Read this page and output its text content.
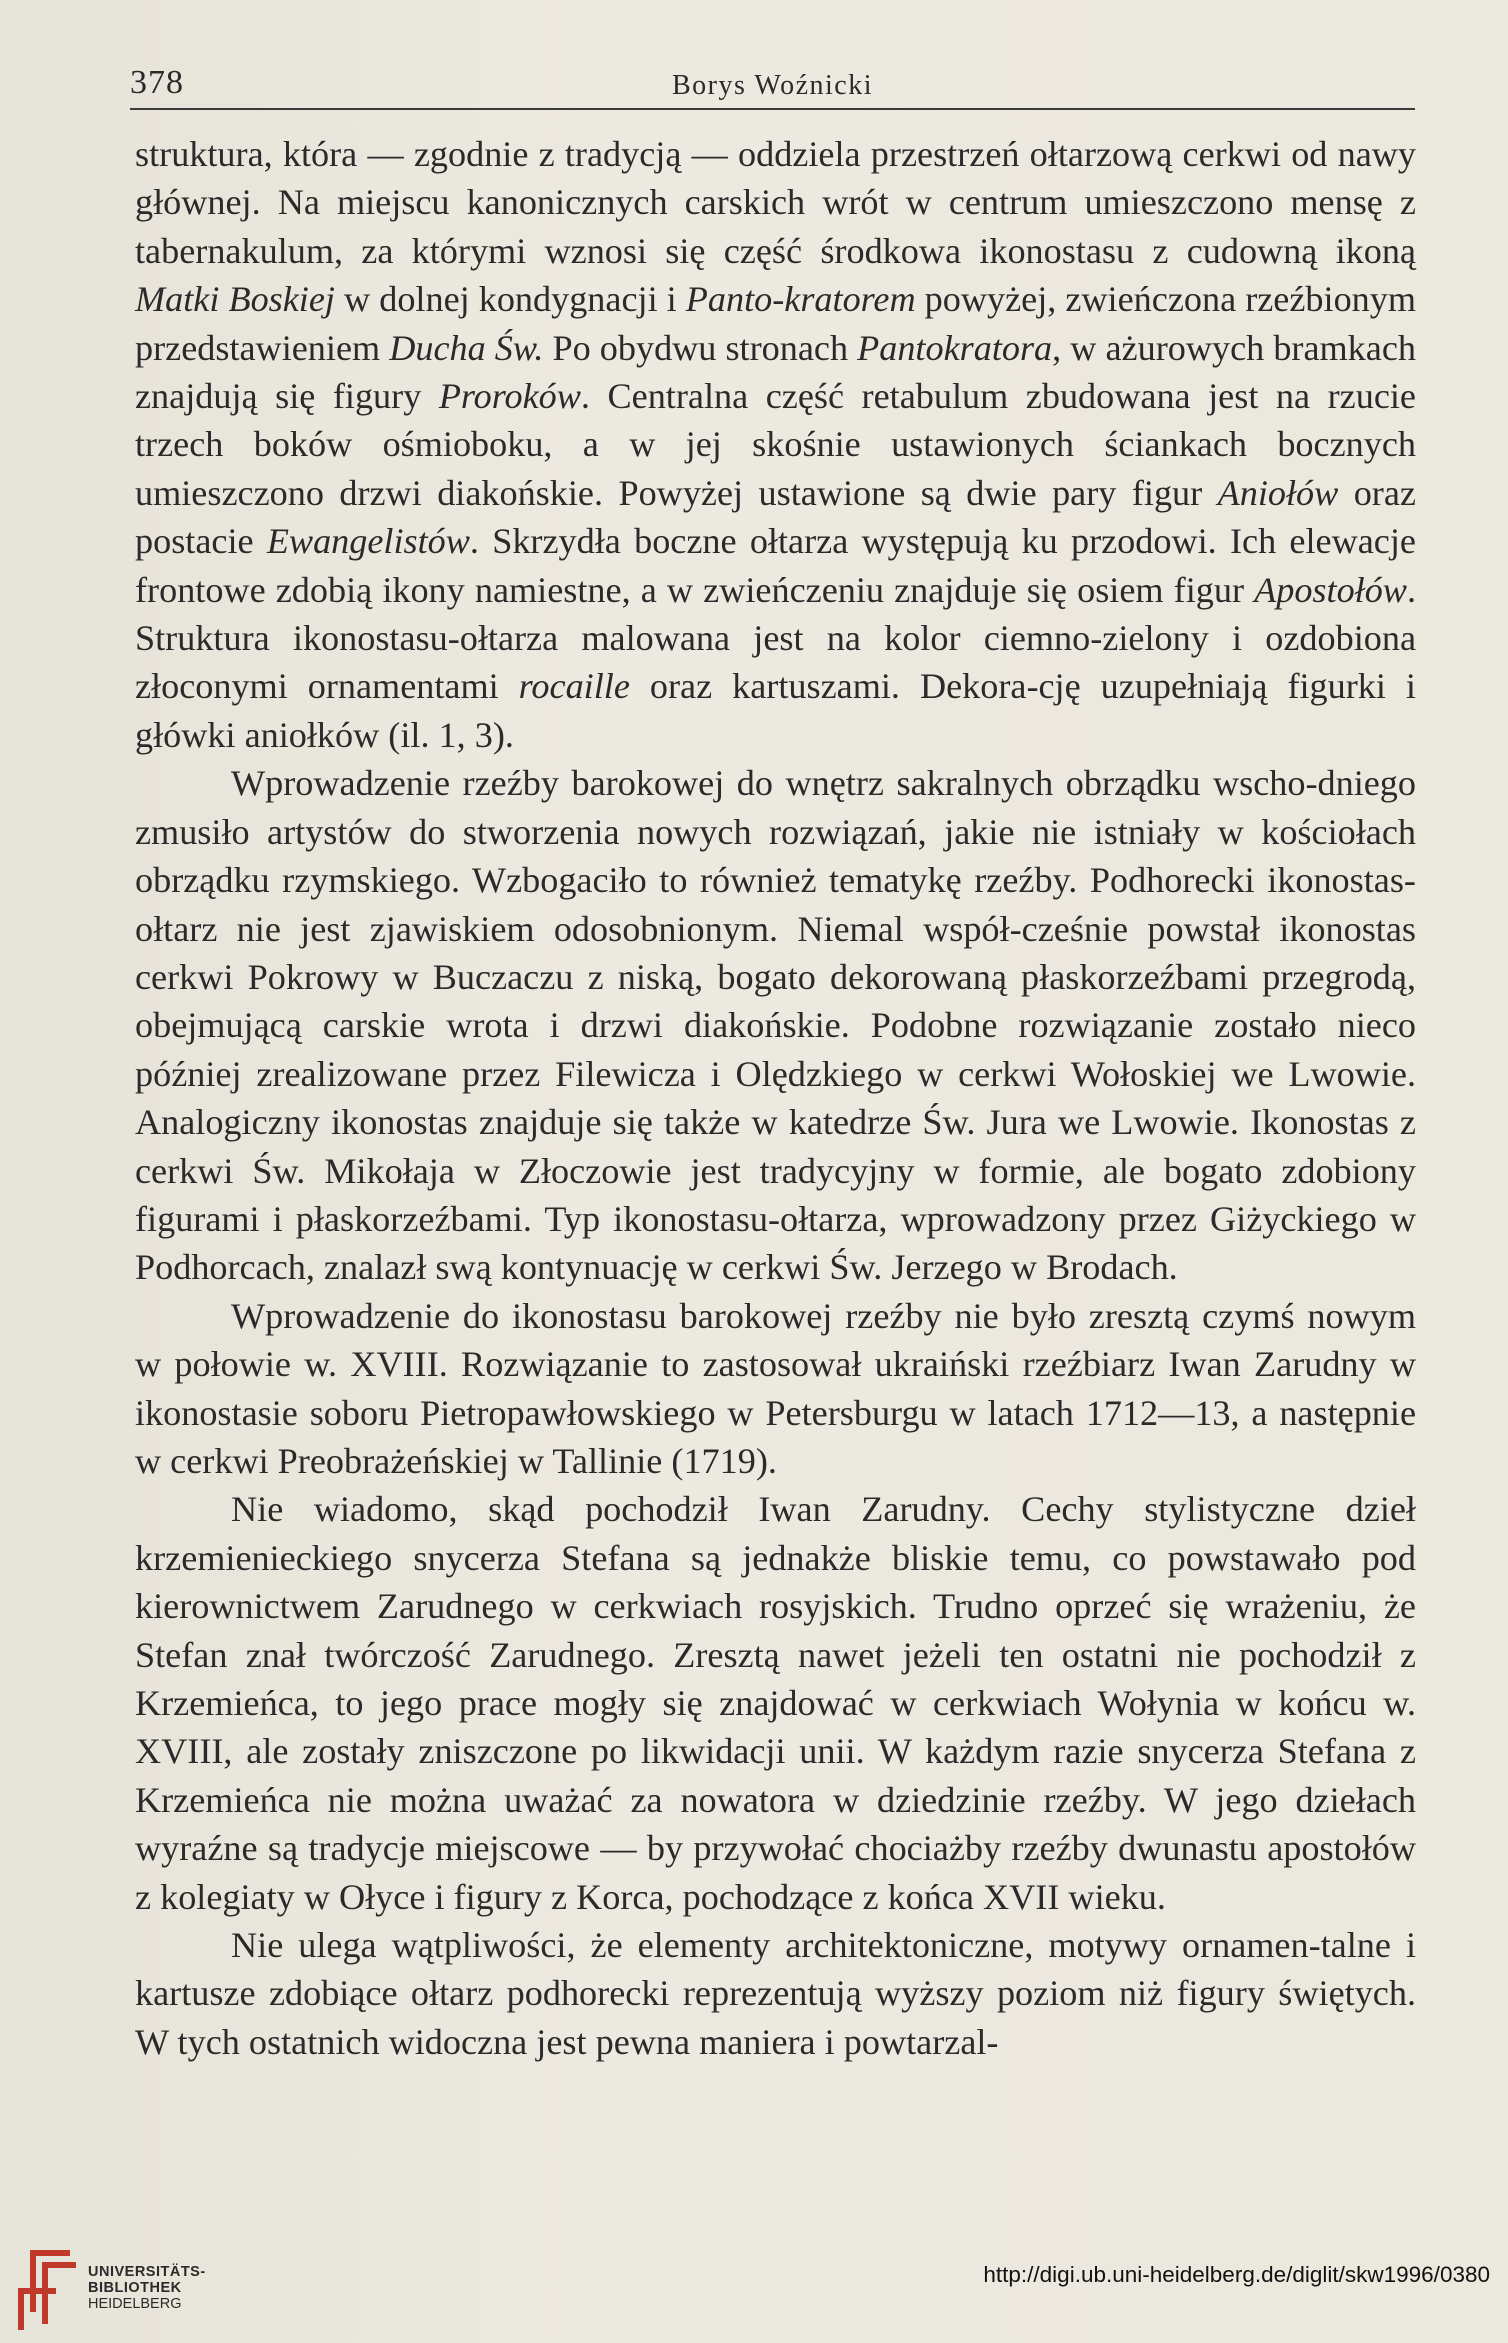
378	Borys Woźnicki

struktura, która — zgodnie z tradycją — oddziela przestrzeń ołtarzową cerkwi od nawy głównej. Na miejscu kanonicznych carskich wrót w centrum umieszczono mensę z tabernakulum, za którymi wznosi się część środkowa ikonostasu z cudowną ikoną Matki Boskiej w dolnej kondygnacji i Panto-kratorem powyżej, zwieńczona rzeźbionym przedstawieniem Ducha Św. Po obydwu stronach Pantokratora, w ażurowych bramkach znajdują się figury Proroków. Centralna część retabulum zbudowana jest na rzucie trzech boków ośmioboku, a w jej skośnie ustawionych ściankach bocznych umieszczono drzwi diakońskie. Powyżej ustawione są dwie pary figur Aniołów oraz postacie Ewangelistów. Skrzydła boczne ołtarza występują ku przodowi. Ich elewacje frontowe zdobią ikony namiestne, a w zwieńczeniu znajduje się osiem figur Apostołów. Struktura ikonostasu-ołtarza malowana jest na kolor ciemno-zielony i ozdobiona złoconymi ornamentami rocaille oraz kartuszami. Dekora-cję uzupełniają figurki i główki aniołków (il. 1, 3).

Wprowadzenie rzeźby barokowej do wnętrz sakralnych obrządku wscho-dniego zmusiło artystów do stworzenia nowych rozwiązań, jakie nie istniały w kościołach obrządku rzymskiego. Wzbogaciło to również tematykę rzeźby. Podhorecki ikonostas-ołtarz nie jest zjawiskiem odosobnionym. Niemal współ-cześnie powstał ikonostas cerkwi Pokrowy w Buczaczu z niską, bogato dekorowaną płaskorzeźbami przegrodą, obejmującą carskie wrota i drzwi diakońskie. Podobne rozwiązanie zostało nieco później zrealizowane przez Filewicza i Olędzkiego w cerkwi Wołoskiej we Lwowie. Analogiczny ikonostas znajduje się także w katedrze Św. Jura we Lwowie. Ikonostas z cerkwi Św. Mikołaja w Złoczowie jest tradycyjny w formie, ale bogato zdobiony figurami i płaskorzeźbami. Typ ikonostasu-ołtarza, wprowadzony przez Giżyckiego w Podhorcach, znalazł swą kontynuację w cerkwi Św. Jerzego w Brodach.

Wprowadzenie do ikonostasu barokowej rzeźby nie było zresztą czymś nowym w połowie w. XVIII. Rozwiązanie to zastosował ukraiński rzeźbiarz Iwan Zarudny w ikonostasie soboru Pietropawłowskiego w Petersburgu w latach 1712—13, a następnie w cerkwi Preobrażeńskiej w Tallinie (1719).

Nie wiadomo, skąd pochodził Iwan Zarudny. Cechy stylistyczne dzieł krzemienieckiego snycerza Stefana są jednakże bliskie temu, co powstawało pod kierownictwem Zarudnego w cerkwiach rosyjskich. Trudno oprzeć się wrażeniu, że Stefan znał twórczość Zarudnego. Zresztą nawet jeżeli ten ostatni nie pochodził z Krzemieńca, to jego prace mogły się znajdować w cerkwiach Wołynia w końcu w. XVIII, ale zostały zniszczone po likwidacji unii. W każdym razie snycerza Stefana z Krzemieńca nie można uważać za nowatora w dziedzinie rzeźby. W jego dziełach wyraźne są tradycje miejscowe — by przywołać chociażby rzeźby dwunastu apostołów z kolegiaty w Ołyce i figury z Korca, pochodzące z końca XVII wieku.

Nie ulega wątpliwości, że elementy architektoniczne, motywy ornamen-talne i kartusze zdobiące ołtarz podhorecki reprezentują wyższy poziom niż figury świętych. W tych ostatnich widoczna jest pewna maniera i powtarzal-

UNIVERSITÄTS-
BIBLIOTHEK
HEIDELBERG
http://digi.ub.uni-heidelberg.de/diglit/skw1996/0380
